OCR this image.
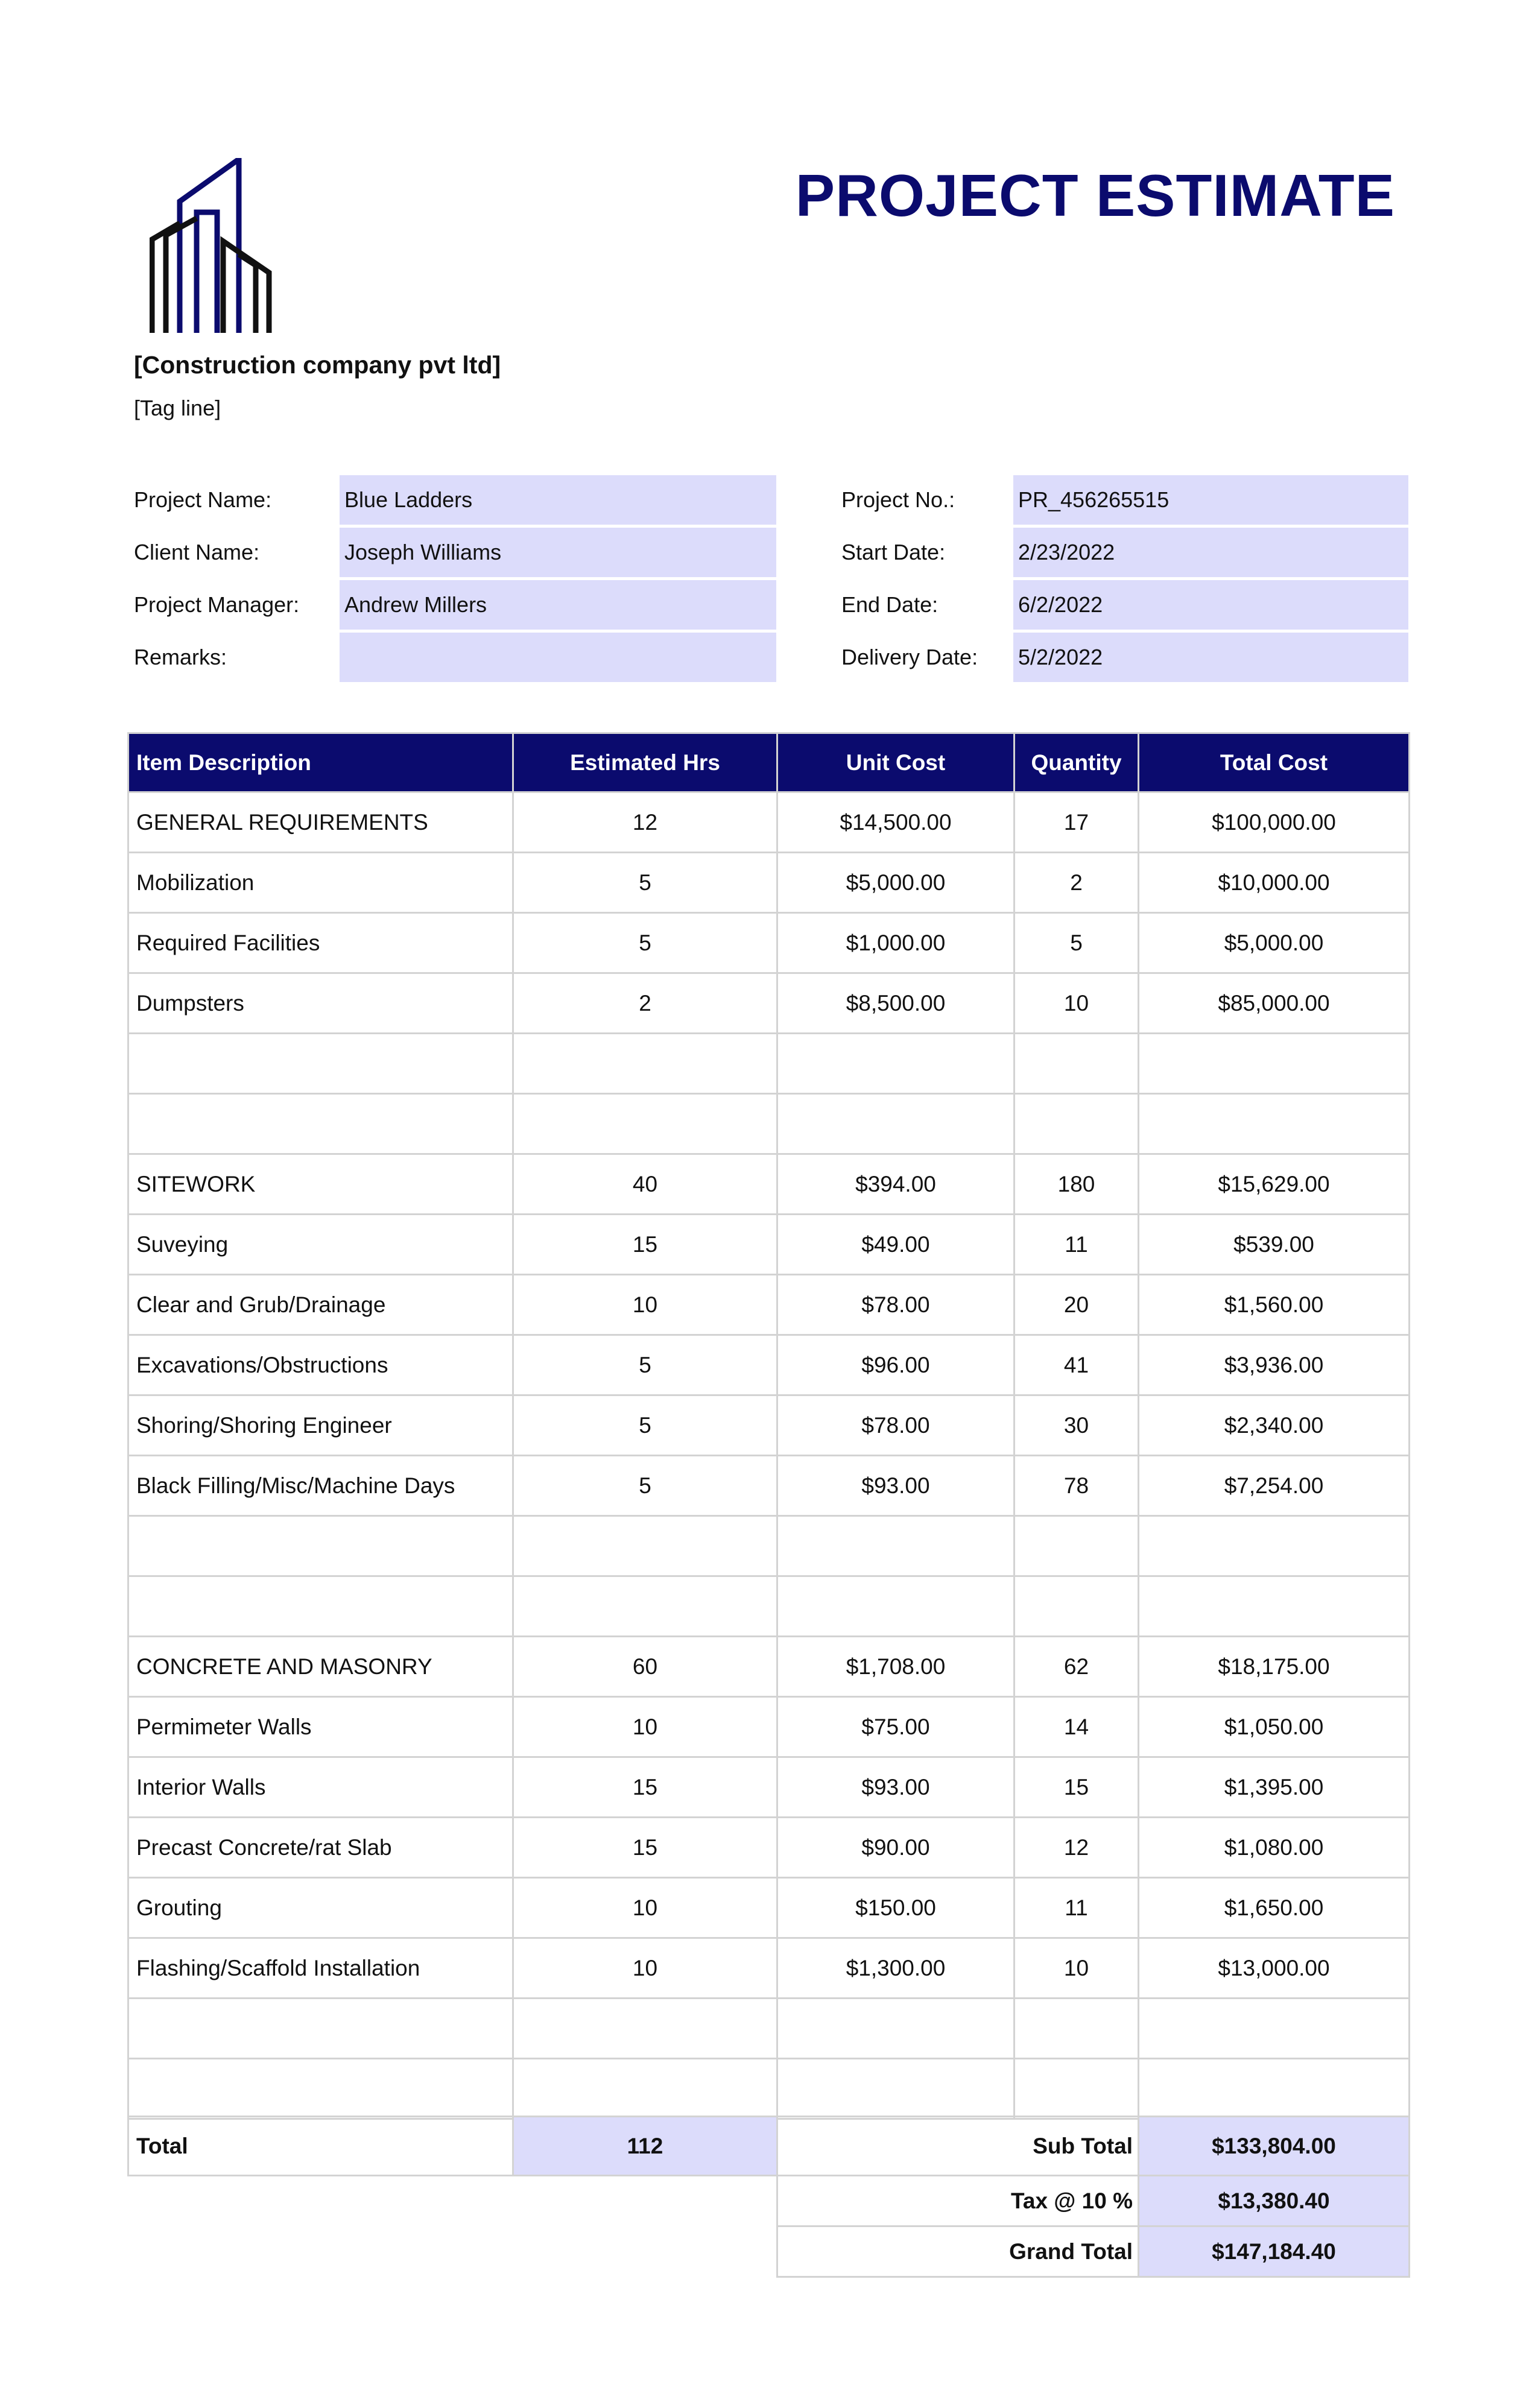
PROJECT ESTIMATE
[Construction company pvt ltd]
[Tag line]
Project Name:	Blue Ladders
Client Name:	Joseph Williams
Project Manager:	Andrew Millers
Remarks:
Project No.:	PR_456265515
Start Date:	2/23/2022
End Date:	6/2/2022
Delivery Date:	5/2/2022
Item Description	Estimated Hrs	Unit Cost	Quantity	Total Cost
GENERAL REQUIREMENTS	12	$14,500.00	17	$100,000.00
Mobilization	5	$5,000.00	2	$10,000.00
Required Facilities	5	$1,000.00	5	$5,000.00
Dumpsters	2	$8,500.00	10	$85,000.00

SITEWORK	40	$394.00	180	$15,629.00
Suveying	15	$49.00	11	$539.00
Clear and Grub/Drainage	10	$78.00	20	$1,560.00
Excavations/Obstructions	5	$96.00	41	$3,936.00
Shoring/Shoring Engineer	5	$78.00	30	$2,340.00
Black Filling/Misc/Machine Days	5	$93.00	78	$7,254.00

CONCRETE AND MASONRY	60	$1,708.00	62	$18,175.00
Permimeter Walls	10	$75.00	14	$1,050.00
Interior Walls	15	$93.00	15	$1,395.00
Precast Concrete/rat Slab	15	$90.00	12	$1,080.00
Grouting	10	$150.00	11	$1,650.00
Flashing/Scaffold Installation	10	$1,300.00	10	$13,000.00

Total	112	Sub Total	$133,804.00
		Tax @ 10 %	$13,380.40
		Grand Total	$147,184.40
